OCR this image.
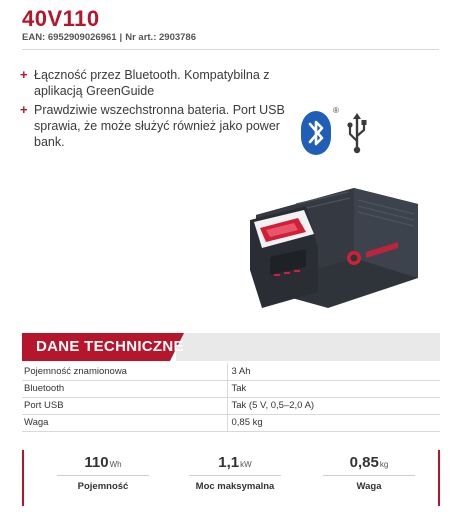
40V110
EAN: 6952909026961 | Nr art.: 2903786
+ Łączność przez Bluetooth. Kompatybilna z aplikacją GreenGuide
+ Prawdziwie wszechstronna bateria. Port USB sprawia, że może służyć również jako power bank.
®
DANE TECHNICZNE
Pojemność znamionowa	3 Ah
Bluetooth	Tak
Port USB	Tak (5 V, 0,5–2,0 A)
Waga	0,85 kg
110Wh
Pojemność
1,1kW
Moc maksymalna
0,85kg
Waga
